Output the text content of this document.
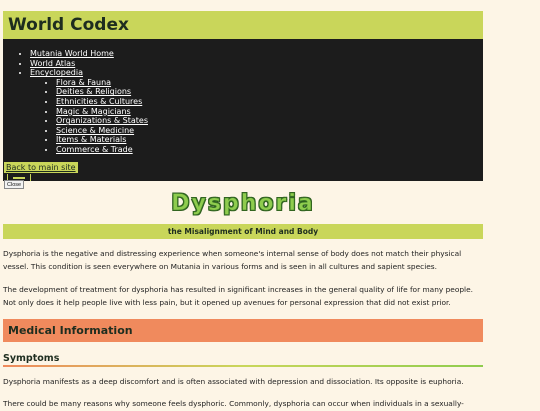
World Codex
• Mutania World Home
• World Atlas
• Encyclopedia
• Flora & Fauna
• Deities & Religions
• Ethnicities & Cultures
• Magic & Magicians
• Organizations & States
• Science & Medicine
• Items & Materials
• Commerce & Trade
Back to main site
Close
Dysphoria
the Misalignment of Mind and Body

Dysphoria is the negative and distressing experience when someone's internal sense of body does not match their physical vessel. This condition is seen everywhere on Mutania in various forms and is seen in all cultures and sapient species.

The development of treatment for dysphoria has resulted in significant increases in the general quality of life for many people. Not only does it help people live with less pain, but it opened up avenues for personal expression that did not exist prior.

Medical Information
Symptoms

Dysphoria manifests as a deep discomfort and is often associated with depression and dissociation. Its opposite is euphoria.

There could be many reasons why someone feels dysphoric. Commonly, dysphoria can occur when individuals in a sexually-
